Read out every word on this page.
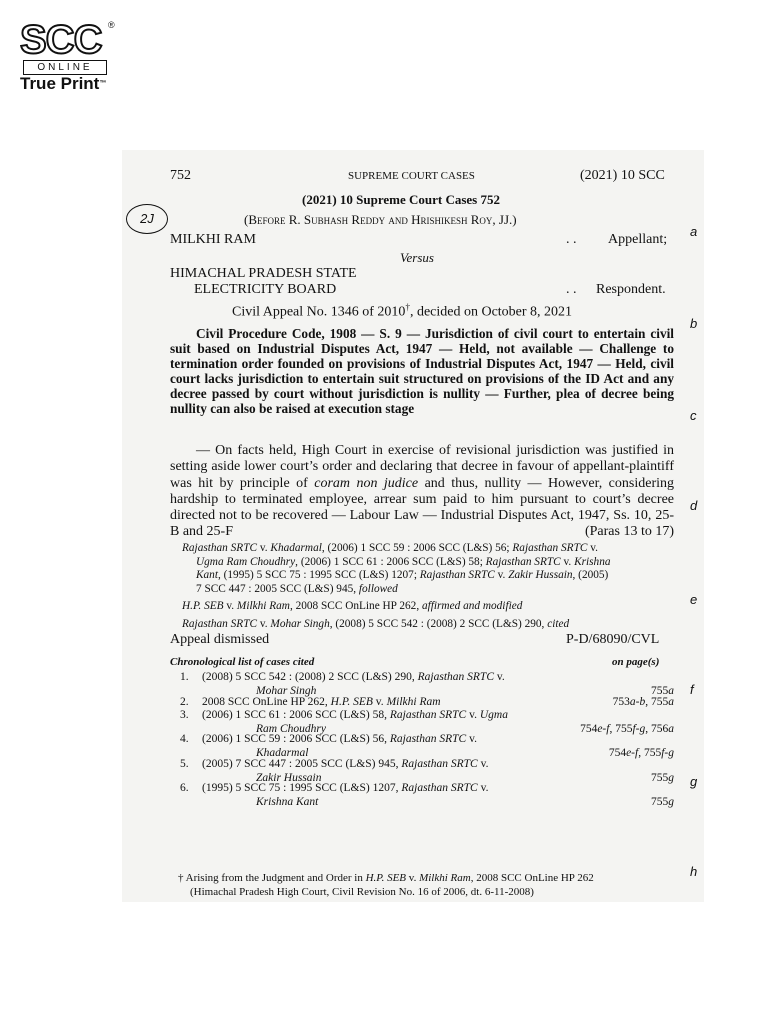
SCC ®
ONLINE
True Print™
752	SUPREME COURT CASES	(2021) 10 SCC
(2021) 10 Supreme Court Cases 752
2J	(Before R. Subhash Reddy and Hrishikesh Roy, JJ.)
MILKHI RAM	. . Appellant;
Versus
HIMACHAL PRADESH STATE
ELECTRICITY BOARD	. . Respondent.
Civil Appeal No. 1346 of 2010†, decided on October 8, 2021
Civil Procedure Code, 1908 — S. 9 — Jurisdiction of civil court to entertain civil suit based on Industrial Disputes Act, 1947 — Held, not available — Challenge to termination order founded on provisions of Industrial Disputes Act, 1947 — Held, civil court lacks jurisdiction to entertain suit structured on provisions of the ID Act and any decree passed by court without jurisdiction is nullity — Further, plea of decree being nullity can also be raised at execution stage
— On facts held, High Court in exercise of revisional jurisdiction was justified in setting aside lower court’s order and declaring that decree in favour of appellant-plaintiff was hit by principle of coram non judice and thus, nullity — However, considering hardship to terminated employee, arrear sum paid to him pursuant to court’s decree directed not to be recovered — Labour Law — Industrial Disputes Act, 1947, Ss. 10, 25-B and 25-F	(Paras 13 to 17)
Rajasthan SRTC v. Khadarmal, (2006) 1 SCC 59 : 2006 SCC (L&S) 56; Rajasthan SRTC v.
Ugma Ram Choudhry, (2006) 1 SCC 61 : 2006 SCC (L&S) 58; Rajasthan SRTC v. Krishna
Kant, (1995) 5 SCC 75 : 1995 SCC (L&S) 1207; Rajasthan SRTC v. Zakir Hussain, (2005)
7 SCC 447 : 2005 SCC (L&S) 945, followed
H.P. SEB v. Milkhi Ram, 2008 SCC OnLine HP 262, affirmed and modified
Rajasthan SRTC v. Mohar Singh, (2008) 5 SCC 542 : (2008) 2 SCC (L&S) 290, cited
Appeal dismissed	P-D/68090/CVL
Chronological list of cases cited	on page(s)
1.(2008) 5 SCC 542 : (2008) 2 SCC (L&S) 290, Rajasthan SRTC v.
Mohar Singh	755a
2.2008 SCC OnLine HP 262, H.P. SEB v. Milkhi Ram	753a-b, 755a
3.(2006) 1 SCC 61 : 2006 SCC (L&S) 58, Rajasthan SRTC v. Ugma
Ram Choudhry	754e-f, 755f-g, 756a
4.(2006) 1 SCC 59 : 2006 SCC (L&S) 56, Rajasthan SRTC v.
Khadarmal	754e-f, 755f-g
5.(2005) 7 SCC 447 : 2005 SCC (L&S) 945, Rajasthan SRTC v.
Zakir Hussain	755g
6.(1995) 5 SCC 75 : 1995 SCC (L&S) 1207, Rajasthan SRTC v.
Krishna Kant	755g
† Arising from the Judgment and Order in H.P. SEB v. Milkhi Ram, 2008 SCC OnLine HP 262
(Himachal Pradesh High Court, Civil Revision No. 16 of 2006, dt. 6-11-2008)
a
b
c
d
e
f
g
h
